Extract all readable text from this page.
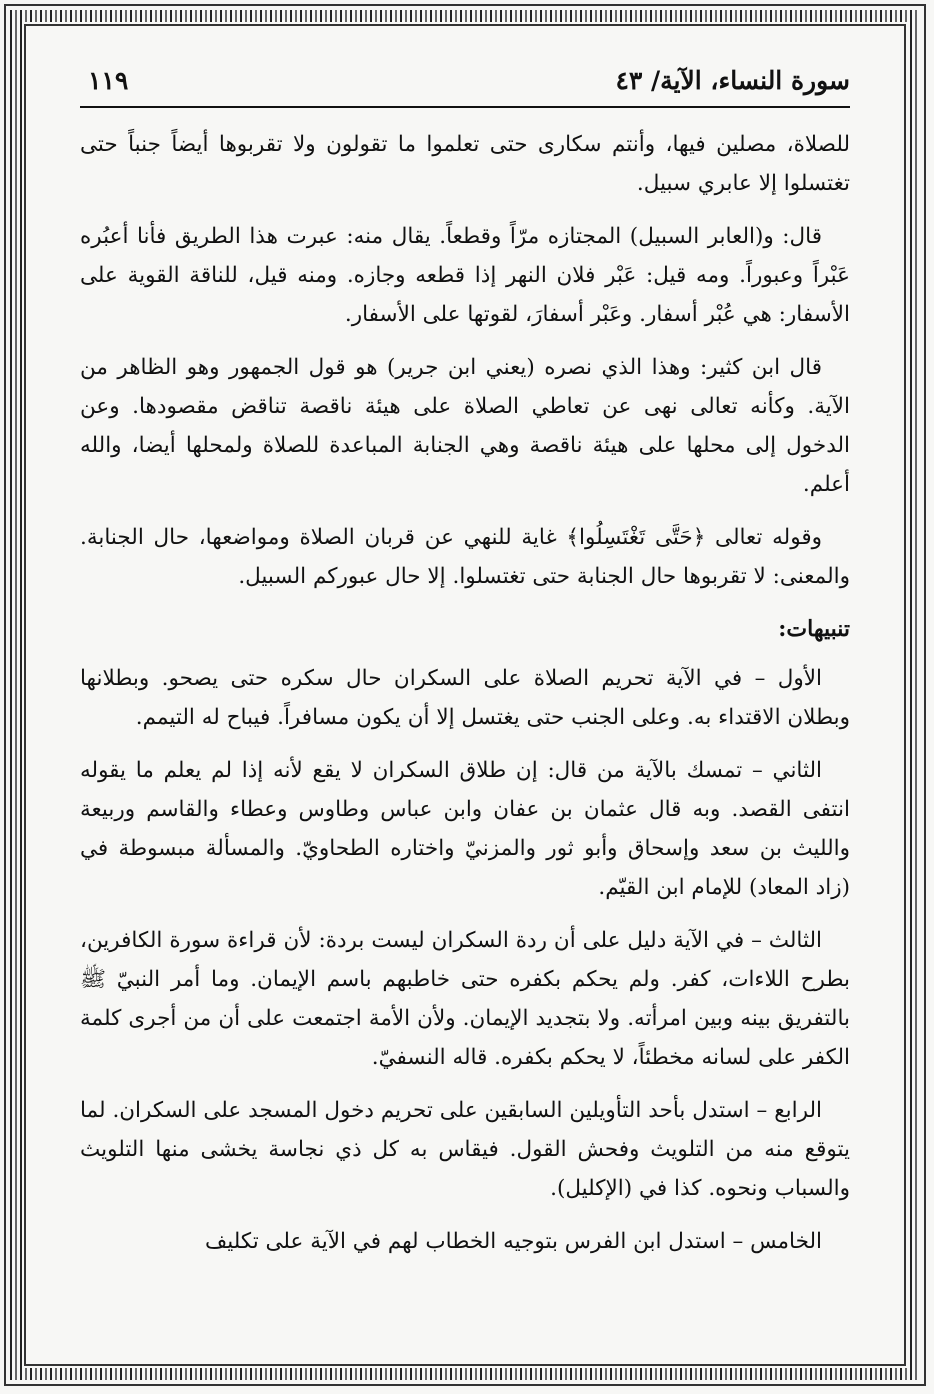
سورة النساء، الآية/ ٤٣
١١٩

للصلاة، مصلين فيها، وأنتم سكارى حتى تعلموا ما تقولون ولا تقربوها أيضاً جنباً حتى تغتسلوا إلا عابري سبيل.

قال: و(العابر السبيل) المجتازه مرّاً وقطعاً. يقال منه: عبرت هذا الطريق فأنا أعبُره عَبْراً وعبوراً. ومه قيل: عَبْر فلان النهر إذا قطعه وجازه. ومنه قيل، للناقة القوية على الأسفار: هي عُبْر أسفار. وعَبْر أسفارَ، لقوتها على الأسفار.

قال ابن كثير: وهذا الذي نصره (يعني ابن جرير) هو قول الجمهور وهو الظاهر من الآية. وكأنه تعالى نهى عن تعاطي الصلاة على هيئة ناقصة تناقض مقصودها. وعن الدخول إلى محلها على هيئة ناقصة وهي الجنابة المباعدة للصلاة ولمحلها أيضا، والله أعلم.

وقوله تعالى ﴿حَتَّى تَغْتَسِلُوا﴾ غاية للنهي عن قربان الصلاة ومواضعها، حال الجنابة. والمعنى: لا تقربوها حال الجنابة حتى تغتسلوا. إلا حال عبوركم السبيل.

تنبيهات:

الأول – في الآية تحريم الصلاة على السكران حال سكره حتى يصحو. وبطلانها وبطلان الاقتداء به. وعلى الجنب حتى يغتسل إلا أن يكون مسافراً. فيباح له التيمم.

الثاني – تمسك بالآية من قال: إن طلاق السكران لا يقع لأنه إذا لم يعلم ما يقوله انتفى القصد. وبه قال عثمان بن عفان وابن عباس وطاوس وعطاء والقاسم وربيعة والليث بن سعد وإسحاق وأبو ثور والمزنيّ واختاره الطحاويّ. والمسألة مبسوطة في (زاد المعاد) للإمام ابن القيّم.

الثالث – في الآية دليل على أن ردة السكران ليست بردة: لأن قراءة سورة الكافرين، بطرح اللاءات، كفر. ولم يحكم بكفره حتى خاطبهم باسم الإيمان. وما أمر النبيّ ﷺ بالتفريق بينه وبين امرأته. ولا بتجديد الإيمان. ولأن الأمة اجتمعت على أن من أجرى كلمة الكفر على لسانه مخطئاً، لا يحكم بكفره. قاله النسفيّ.

الرابع – استدل بأحد التأويلين السابقين على تحريم دخول المسجد على السكران. لما يتوقع منه من التلويث وفحش القول. فيقاس به كل ذي نجاسة يخشى منها التلويث والسباب ونحوه. كذا في (الإكليل).

الخامس – استدل ابن الفرس بتوجيه الخطاب لهم في الآية على تكليف
